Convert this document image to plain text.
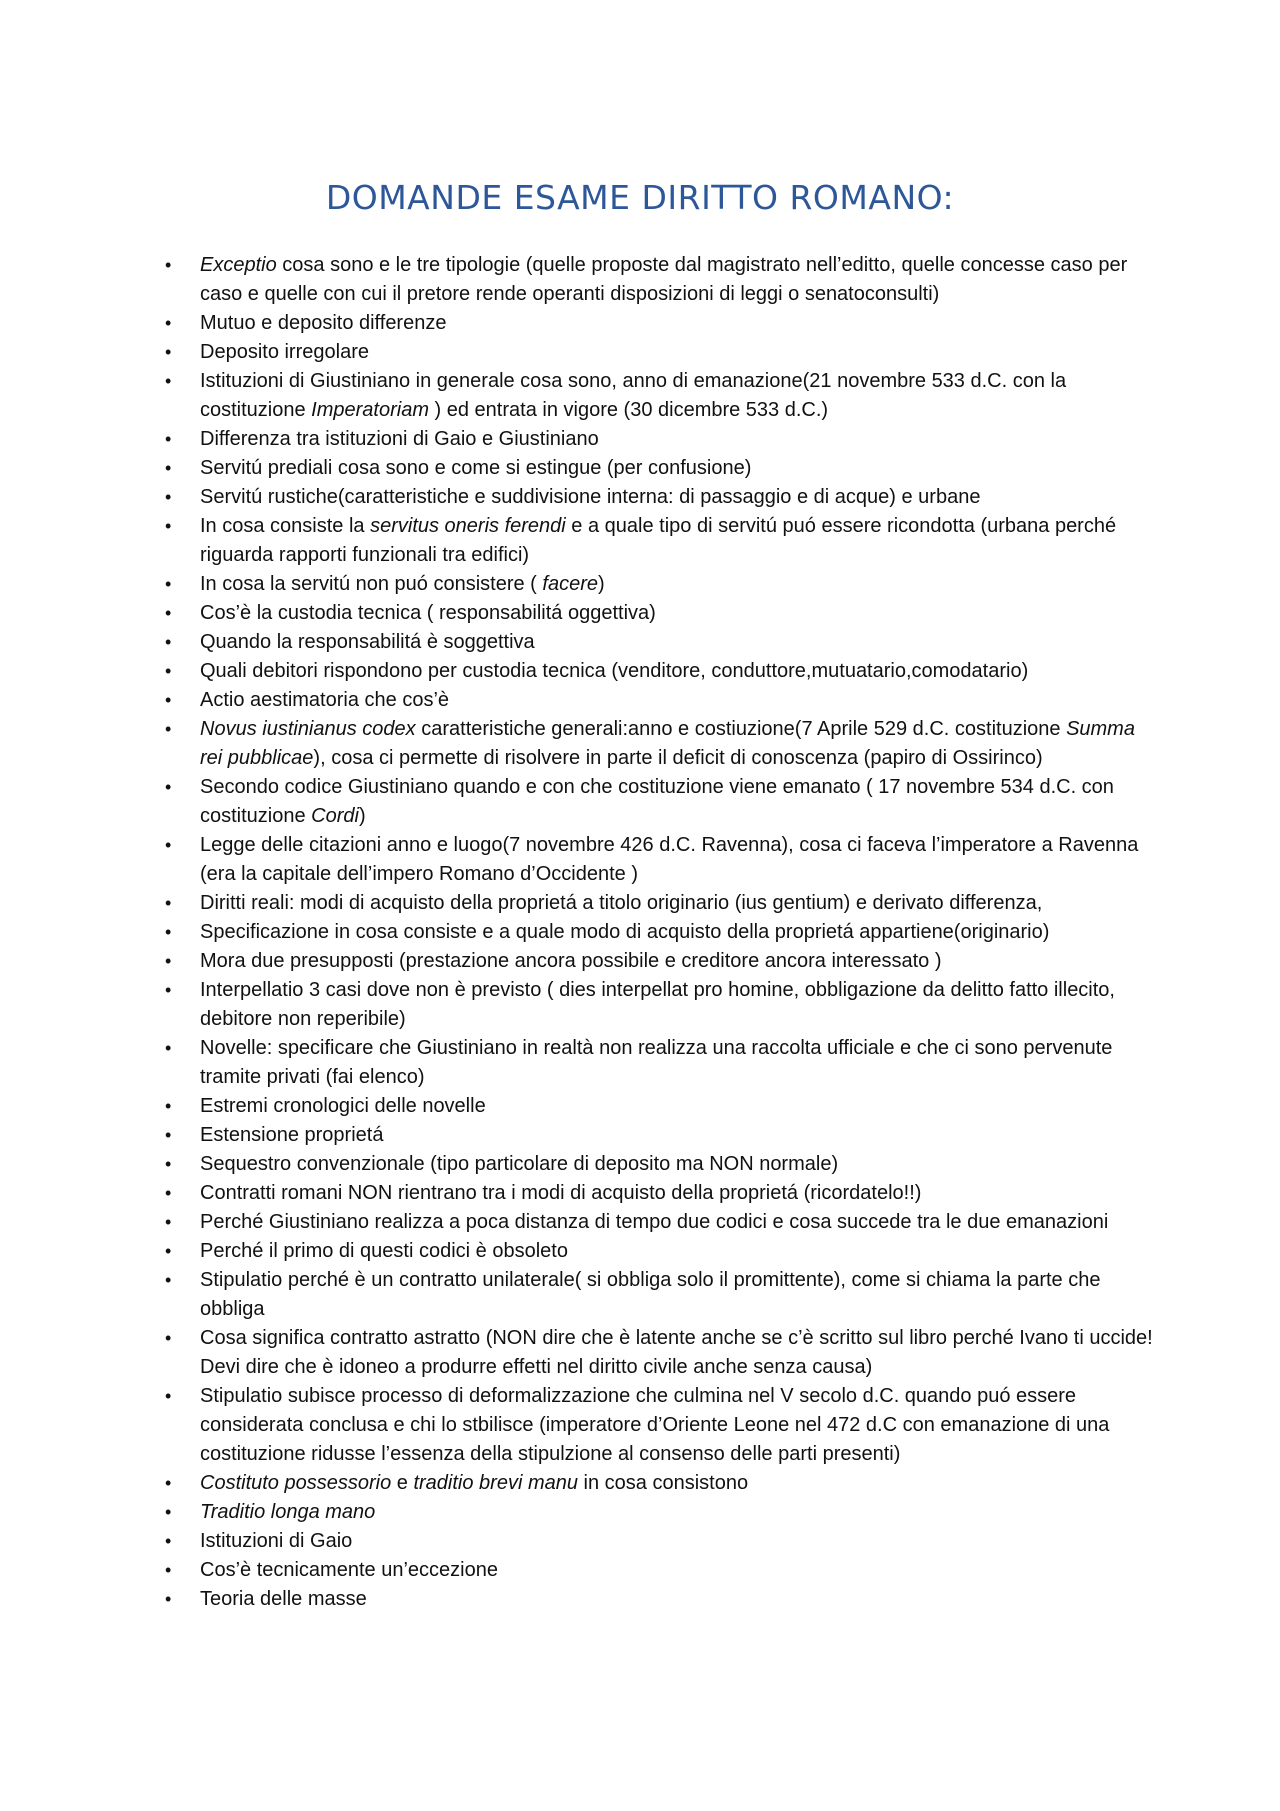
DOMANDE ESAME DIRITTO ROMANO:
• Exceptio cosa sono e le tre tipologie (quelle proposte dal magistrato nell’editto, quelle concesse caso per caso e quelle con cui il pretore rende operanti disposizioni di leggi o senatoconsulti)
• Mutuo e deposito differenze
• Deposito irregolare
• Istituzioni di Giustiniano in generale cosa sono, anno di emanazione(21 novembre 533 d.C. con la costituzione Imperatoriam ) ed entrata in vigore (30 dicembre 533 d.C.)
• Differenza tra istituzioni di Gaio e Giustiniano
• Servitú prediali cosa sono e come si estingue (per confusione)
• Servitú rustiche(caratteristiche e suddivisione interna: di passaggio e di acque) e urbane
• In cosa consiste la servitus oneris ferendi e a quale tipo di servitú puó essere ricondotta (urbana perché riguarda rapporti funzionali tra edifici)
• In cosa la servitú non puó consistere ( facere)
• Cos’è la custodia tecnica ( responsabilitá oggettiva)
• Quando la responsabilitá è soggettiva
• Quali debitori rispondono per custodia tecnica (venditore, conduttore,mutuatario,comodatario)
• Actio aestimatoria che cos’è
• Novus iustinianus codex caratteristiche generali:anno e costiuzione(7 Aprile 529 d.C. costituzione Summa rei pubblicae), cosa ci permette di risolvere in parte il deficit di conoscenza (papiro di Ossirinco)
• Secondo codice Giustiniano quando e con che costituzione viene emanato ( 17 novembre 534 d.C. con costituzione Cordi)
• Legge delle citazioni anno e luogo(7 novembre 426 d.C. Ravenna), cosa ci faceva l’imperatore a Ravenna (era la capitale dell’impero Romano d’Occidente )
• Diritti reali: modi di acquisto della proprietá a titolo originario (ius gentium) e derivato differenza,
• Specificazione in cosa consiste e a quale modo di acquisto della proprietá appartiene(originario)
• Mora due presupposti (prestazione ancora possibile e creditore ancora interessato )
• Interpellatio 3 casi dove non è previsto ( dies interpellat pro homine, obbligazione da delitto fatto illecito, debitore non reperibile)
• Novelle: specificare che Giustiniano in realtà non realizza una raccolta ufficiale e che ci sono pervenute tramite privati (fai elenco)
• Estremi cronologici delle novelle
• Estensione proprietá
• Sequestro convenzionale (tipo particolare di deposito ma NON normale)
• Contratti romani NON rientrano tra i modi di acquisto della proprietá (ricordatelo!!)
• Perché Giustiniano realizza a poca distanza di tempo due codici e cosa succede tra le due emanazioni
• Perché il primo di questi codici è obsoleto
• Stipulatio perché è un contratto unilaterale( si obbliga solo il promittente), come si chiama la parte che obbliga
• Cosa significa contratto astratto (NON dire che è latente anche se c’è scritto sul libro perché Ivano ti uccide! Devi dire che è idoneo a produrre effetti nel diritto civile anche senza causa)
• Stipulatio subisce processo di deformalizzazione che culmina nel V secolo d.C. quando puó essere considerata conclusa e chi lo stbilisce (imperatore d’Oriente Leone nel 472 d.C con emanazione di una costituzione ridusse l’essenza della stipulzione al consenso delle parti presenti)
• Costituto possessorio e traditio brevi manu in cosa consistono
• Traditio longa mano
• Istituzioni di Gaio
• Cos’è tecnicamente un’eccezione
• Teoria delle masse
